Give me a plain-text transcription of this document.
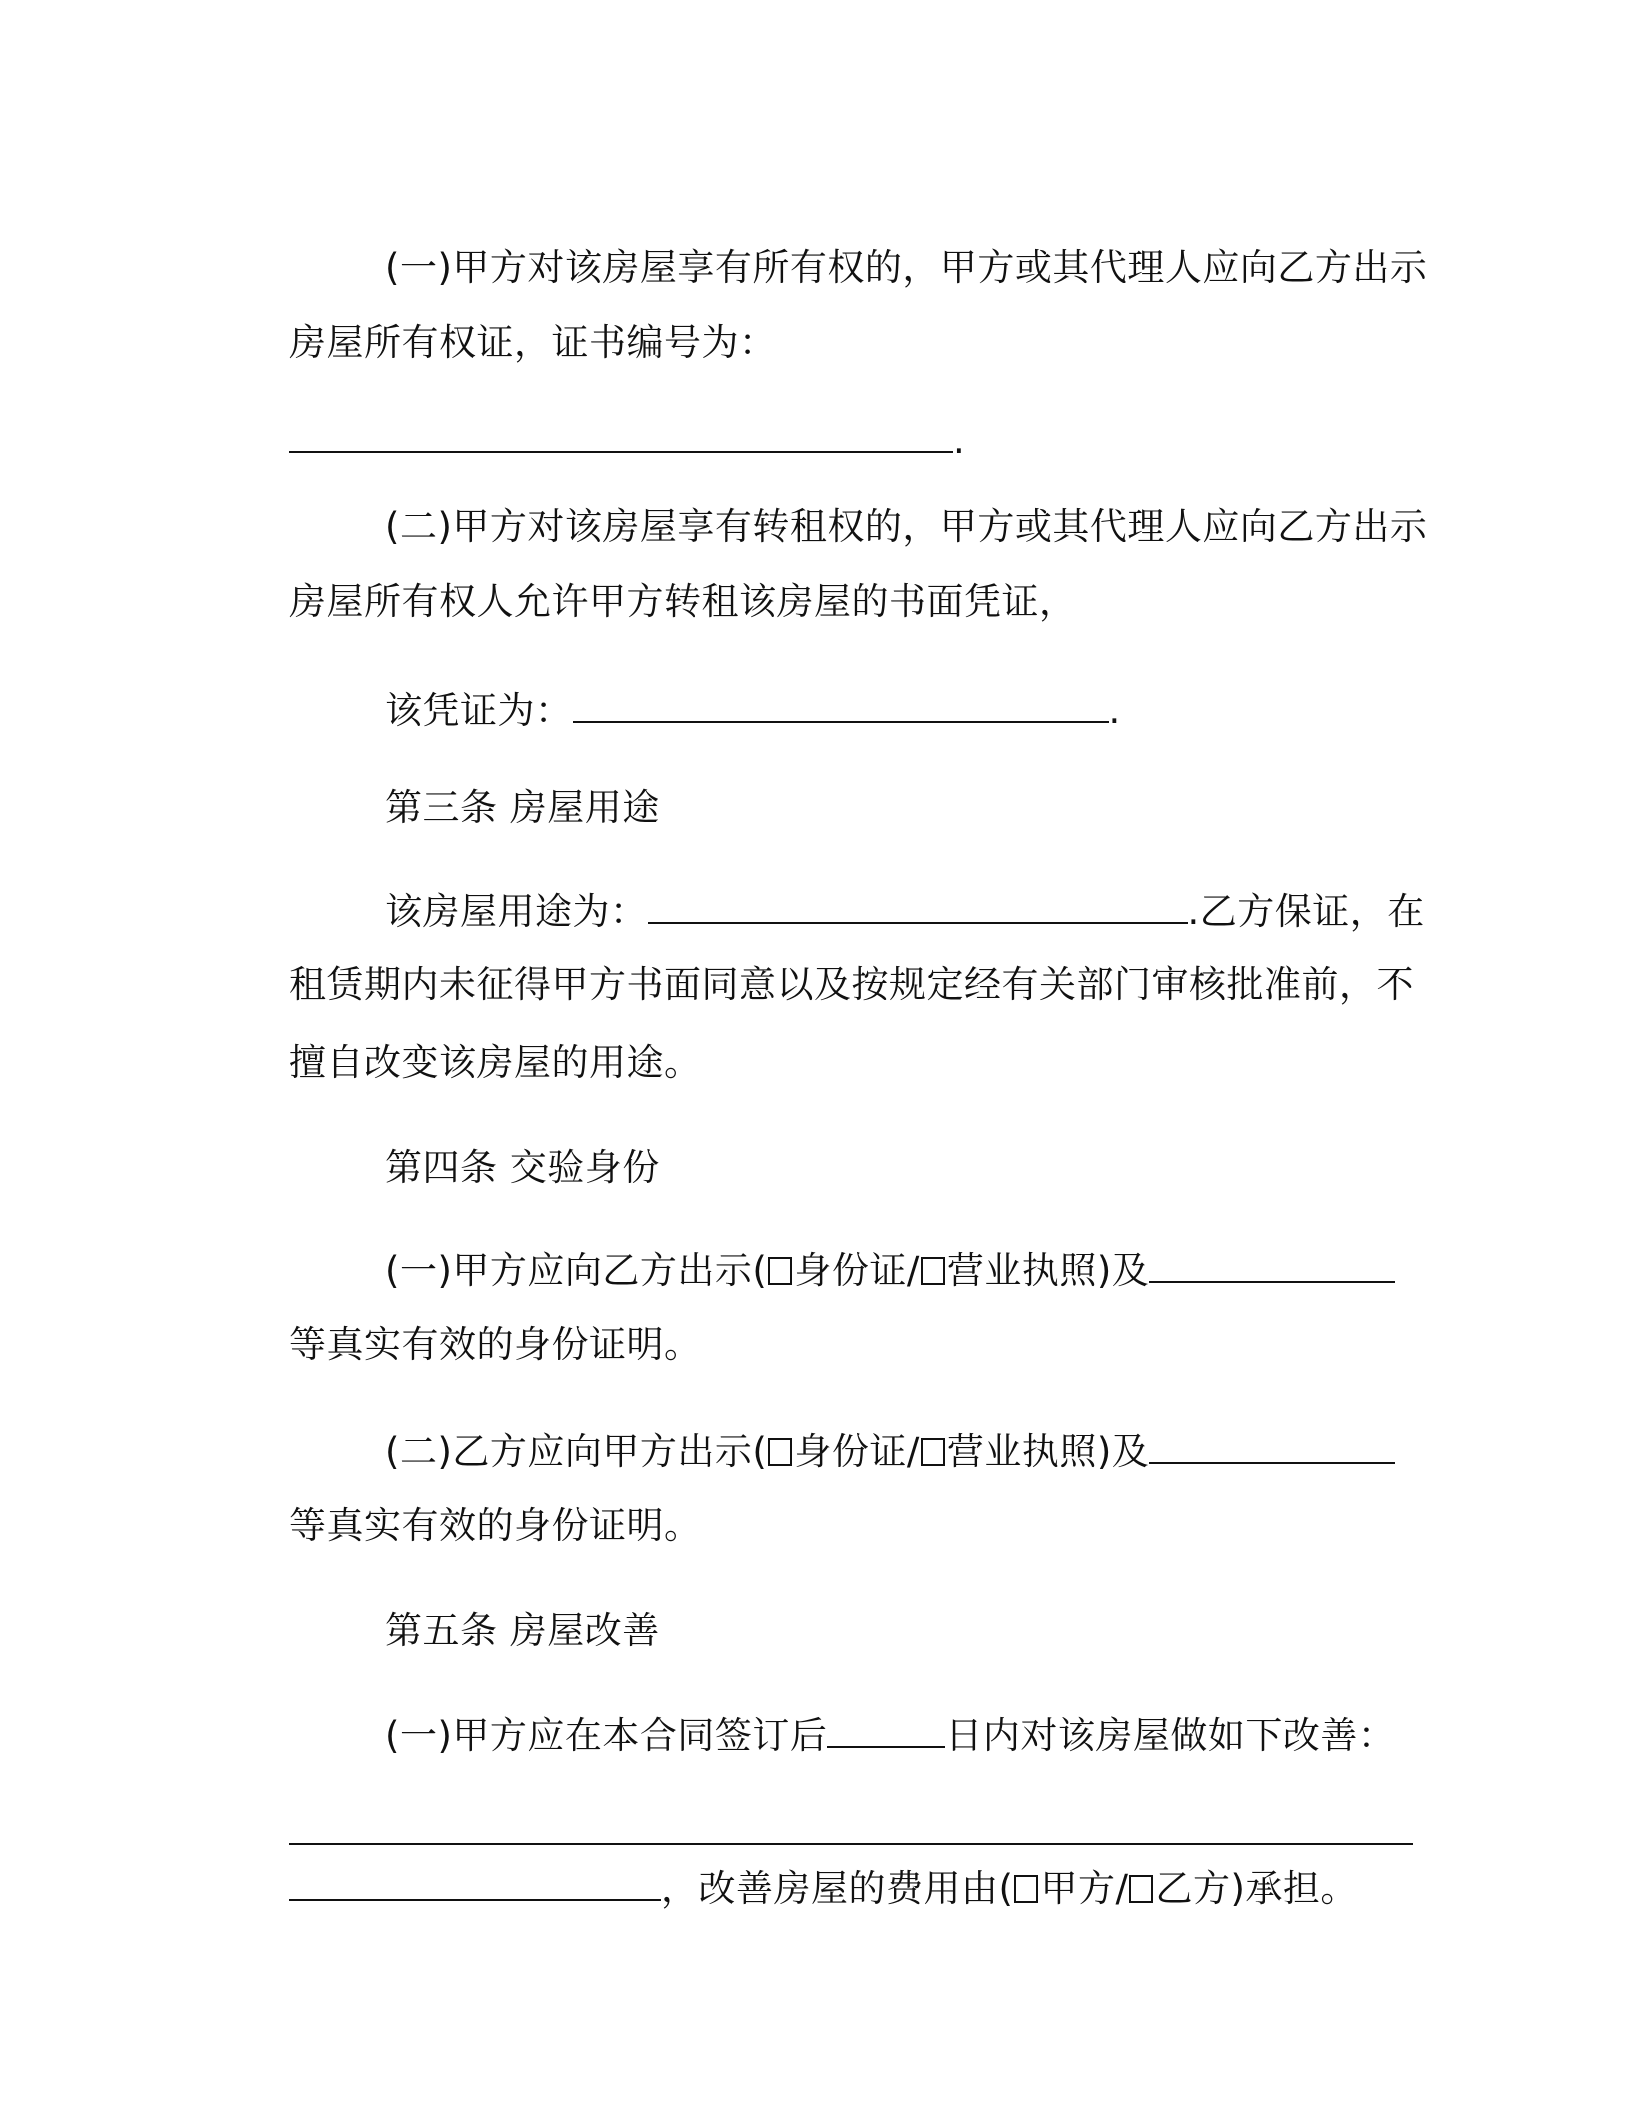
(一)甲方对该房屋享有所有权的，甲方或其代理人应向乙方出示

房屋所有权证，证书编号为：

.

(二)甲方对该房屋享有转租权的，甲方或其代理人应向乙方出示

房屋所有权人允许甲方转租该房屋的书面凭证，

该凭证为：	.

第三条 房屋用途

该房屋用途为：	.乙方保证，在

租赁期内未征得甲方书面同意以及按规定经有关部门审核批准前，不

擅自改变该房屋的用途。

第四条 交验身份

(一)甲方应向乙方出示( 身份证/ 营业执照)及

等真实有效的身份证明。

(二)乙方应向甲方出示( 身份证/ 营业执照)及

等真实有效的身份证明。

第五条 房屋改善

(一)甲方应在本合同签订后	日内对该房屋做如下改善：

，改善房屋的费用由( 甲方/ 乙方)承担。
